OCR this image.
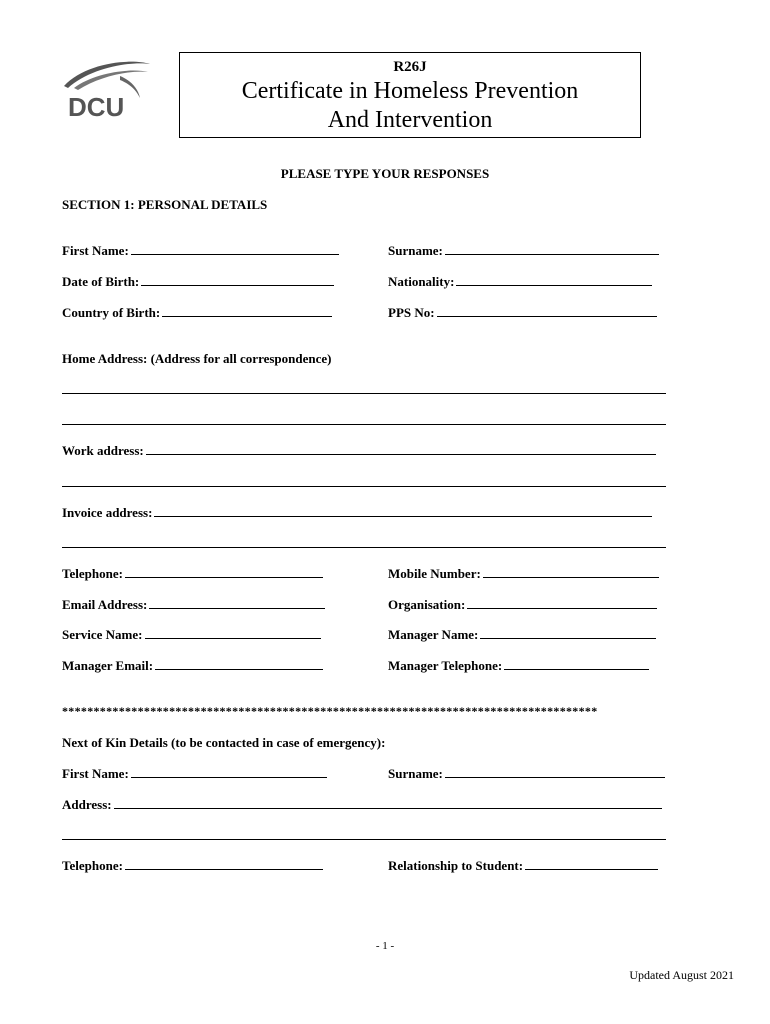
DCU
R26J
Certificate in Homeless Prevention
And Intervention
PLEASE TYPE YOUR RESPONSES
SECTION 1: PERSONAL DETAILS
First Name:	Surname:
Date of Birth:	Nationality:
Country of Birth:	PPS No:
Home Address: (Address for all correspondence)
Work address:
Invoice address:
Telephone:	Mobile Number:
Email Address:	Organisation:
Service Name:	Manager Name:
Manager Email:	Manager Telephone:
*************************************************************************************
Next of Kin Details (to be contacted in case of emergency):
First Name:	Surname:
Address:
Telephone:	Relationship to Student:
- 1 -
Updated August 2021
